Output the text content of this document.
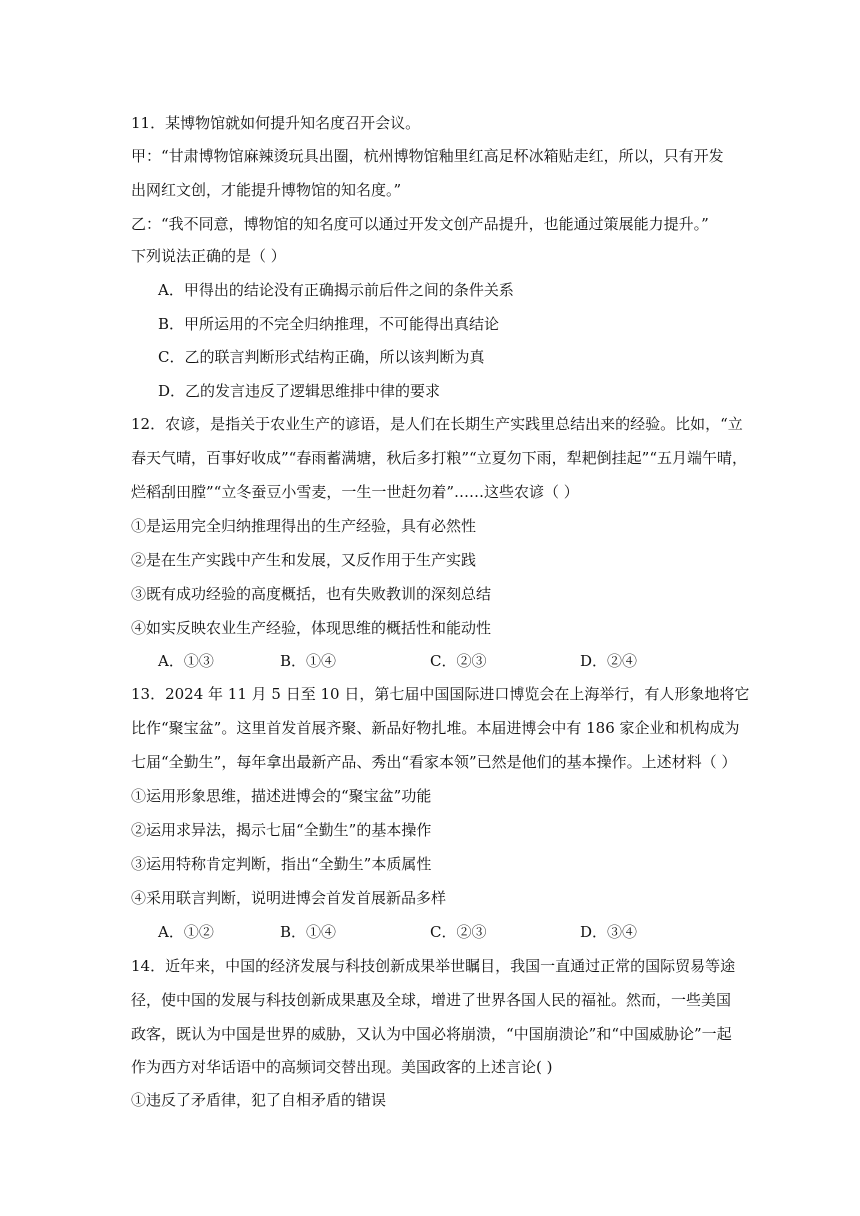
11．某博物馆就如何提升知名度召开会议。
甲：“甘肃博物馆麻辣烫玩具出圈，杭州博物馆釉里红高足杯冰箱贴走红，所以，只有开发
出网红文创，才能提升博物馆的知名度。”
乙：“我不同意，博物馆的知名度可以通过开发文创产品提升，也能通过策展能力提升。”
下列说法正确的是（ ）
A．甲得出的结论没有正确揭示前后件之间的条件关系
B．甲所运用的不完全归纳推理，不可能得出真结论
C．乙的联言判断形式结构正确，所以该判断为真
D．乙的发言违反了逻辑思维排中律的要求
12．农谚，是指关于农业生产的谚语，是人们在长期生产实践里总结出来的经验。比如，“立
春天气晴，百事好收成”“春雨蓄满塘，秋后多打粮”“立夏勿下雨，犁耙倒挂起”“五月端午晴，
烂稻刮田膛”“立冬蚕豆小雪麦，一生一世赶勿着”……这些农谚（ ）
①是运用完全归纳推理得出的生产经验，具有必然性
②是在生产实践中产生和发展，又反作用于生产实践
③既有成功经验的高度概括，也有失败教训的深刻总结
④如实反映农业生产经验，体现思维的概括性和能动性
A．①③	B．①④	C．②③	D．②④
13．2024 年 11 月 5 日至 10 日，第七届中国国际进口博览会在上海举行，有人形象地将它
比作“聚宝盆”。这里首发首展齐聚、新品好物扎堆。本届进博会中有 186 家企业和机构成为
七届“全勤生”，每年拿出最新产品、秀出“看家本领”已然是他们的基本操作。上述材料（ ）
①运用形象思维，描述进博会的“聚宝盆”功能
②运用求异法，揭示七届“全勤生”的基本操作
③运用特称肯定判断，指出“全勤生”本质属性
④采用联言判断，说明进博会首发首展新品多样
A．①②	B．①④	C．②③	D．③④
14．近年来，中国的经济发展与科技创新成果举世瞩目，我国一直通过正常的国际贸易等途
径，使中国的发展与科技创新成果惠及全球，增进了世界各国人民的福祉。然而，一些美国
政客，既认为中国是世界的威胁，又认为中国必将崩溃，“中国崩溃论”和“中国威胁论”一起
作为西方对华话语中的高频词交替出现。美国政客的上述言论( )
①违反了矛盾律，犯了自相矛盾的错误
